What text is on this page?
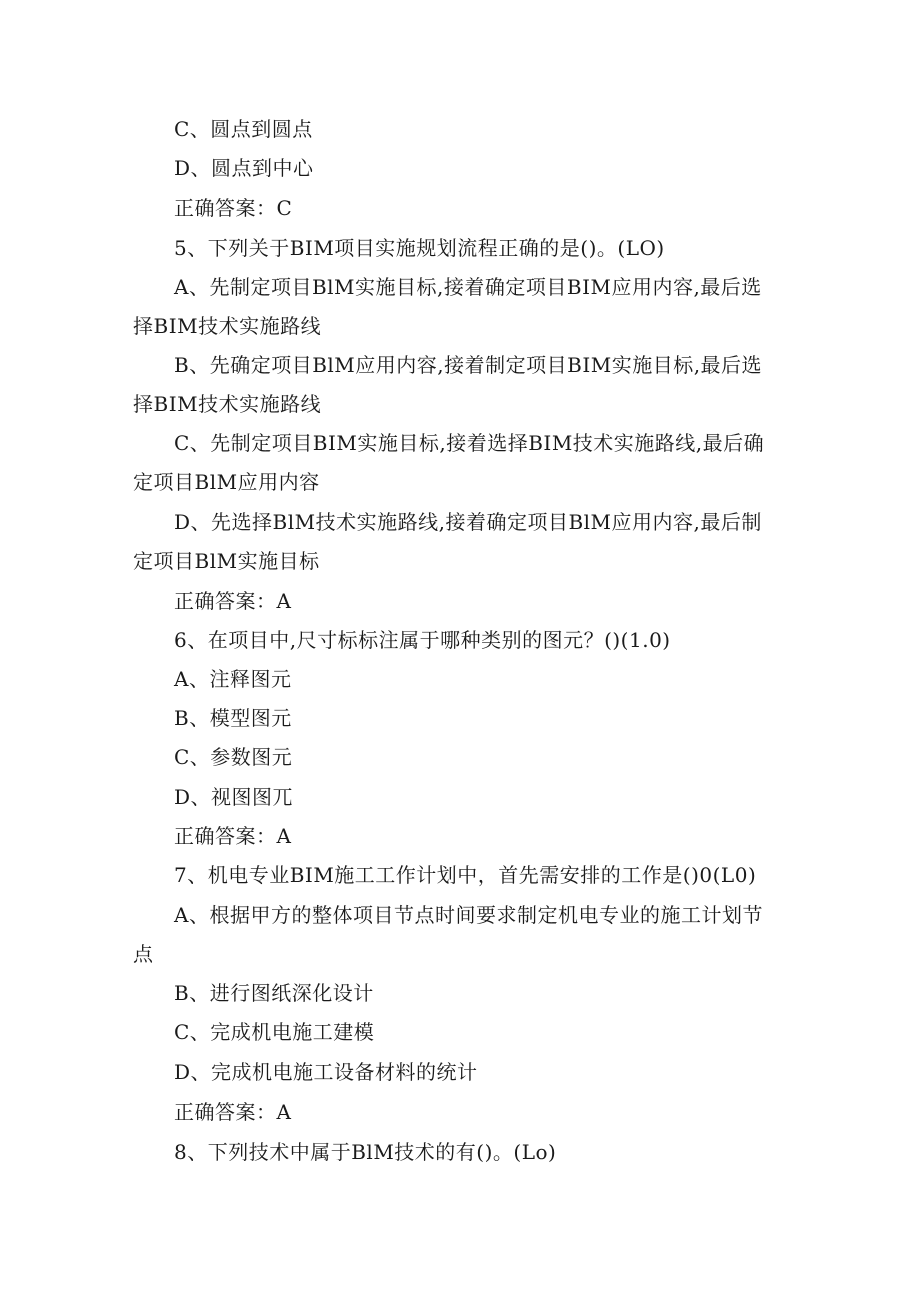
C、圆点到圆点
D、圆点到中心
正确答案：C
5、下列关于BIM项目实施规划流程正确的是()。(LO)
A、先制定项目BlM实施目标,接着确定项目BIM应用内容,最后选
择BIM技术实施路线
B、先确定项目BlM应用内容,接着制定项目BIM实施目标,最后选
择BIM技术实施路线
C、先制定项目BIM实施目标,接着选择BIM技术实施路线,最后确
定项目BlM应用内容
D、先选择BlM技术实施路线,接着确定项目BlM应用内容,最后制
定项目BlM实施目标
正确答案：A
6、在项目中,尺寸标标注属于哪种类别的图元？()(1.0)
A、注释图元
B、模型图元
C、参数图元
D、视图图兀
正确答案：A
7、机电专业BIM施工工作计划中，首先需安排的工作是()0(L0)
A、根据甲方的整体项目节点时间要求制定机电专业的施工计划节
点
B、进行图纸深化设计
C、完成机电施工建模
D、完成机电施工设备材料的统计
正确答案：A
8、下列技术中属于BlM技术的有()。(Lo)
